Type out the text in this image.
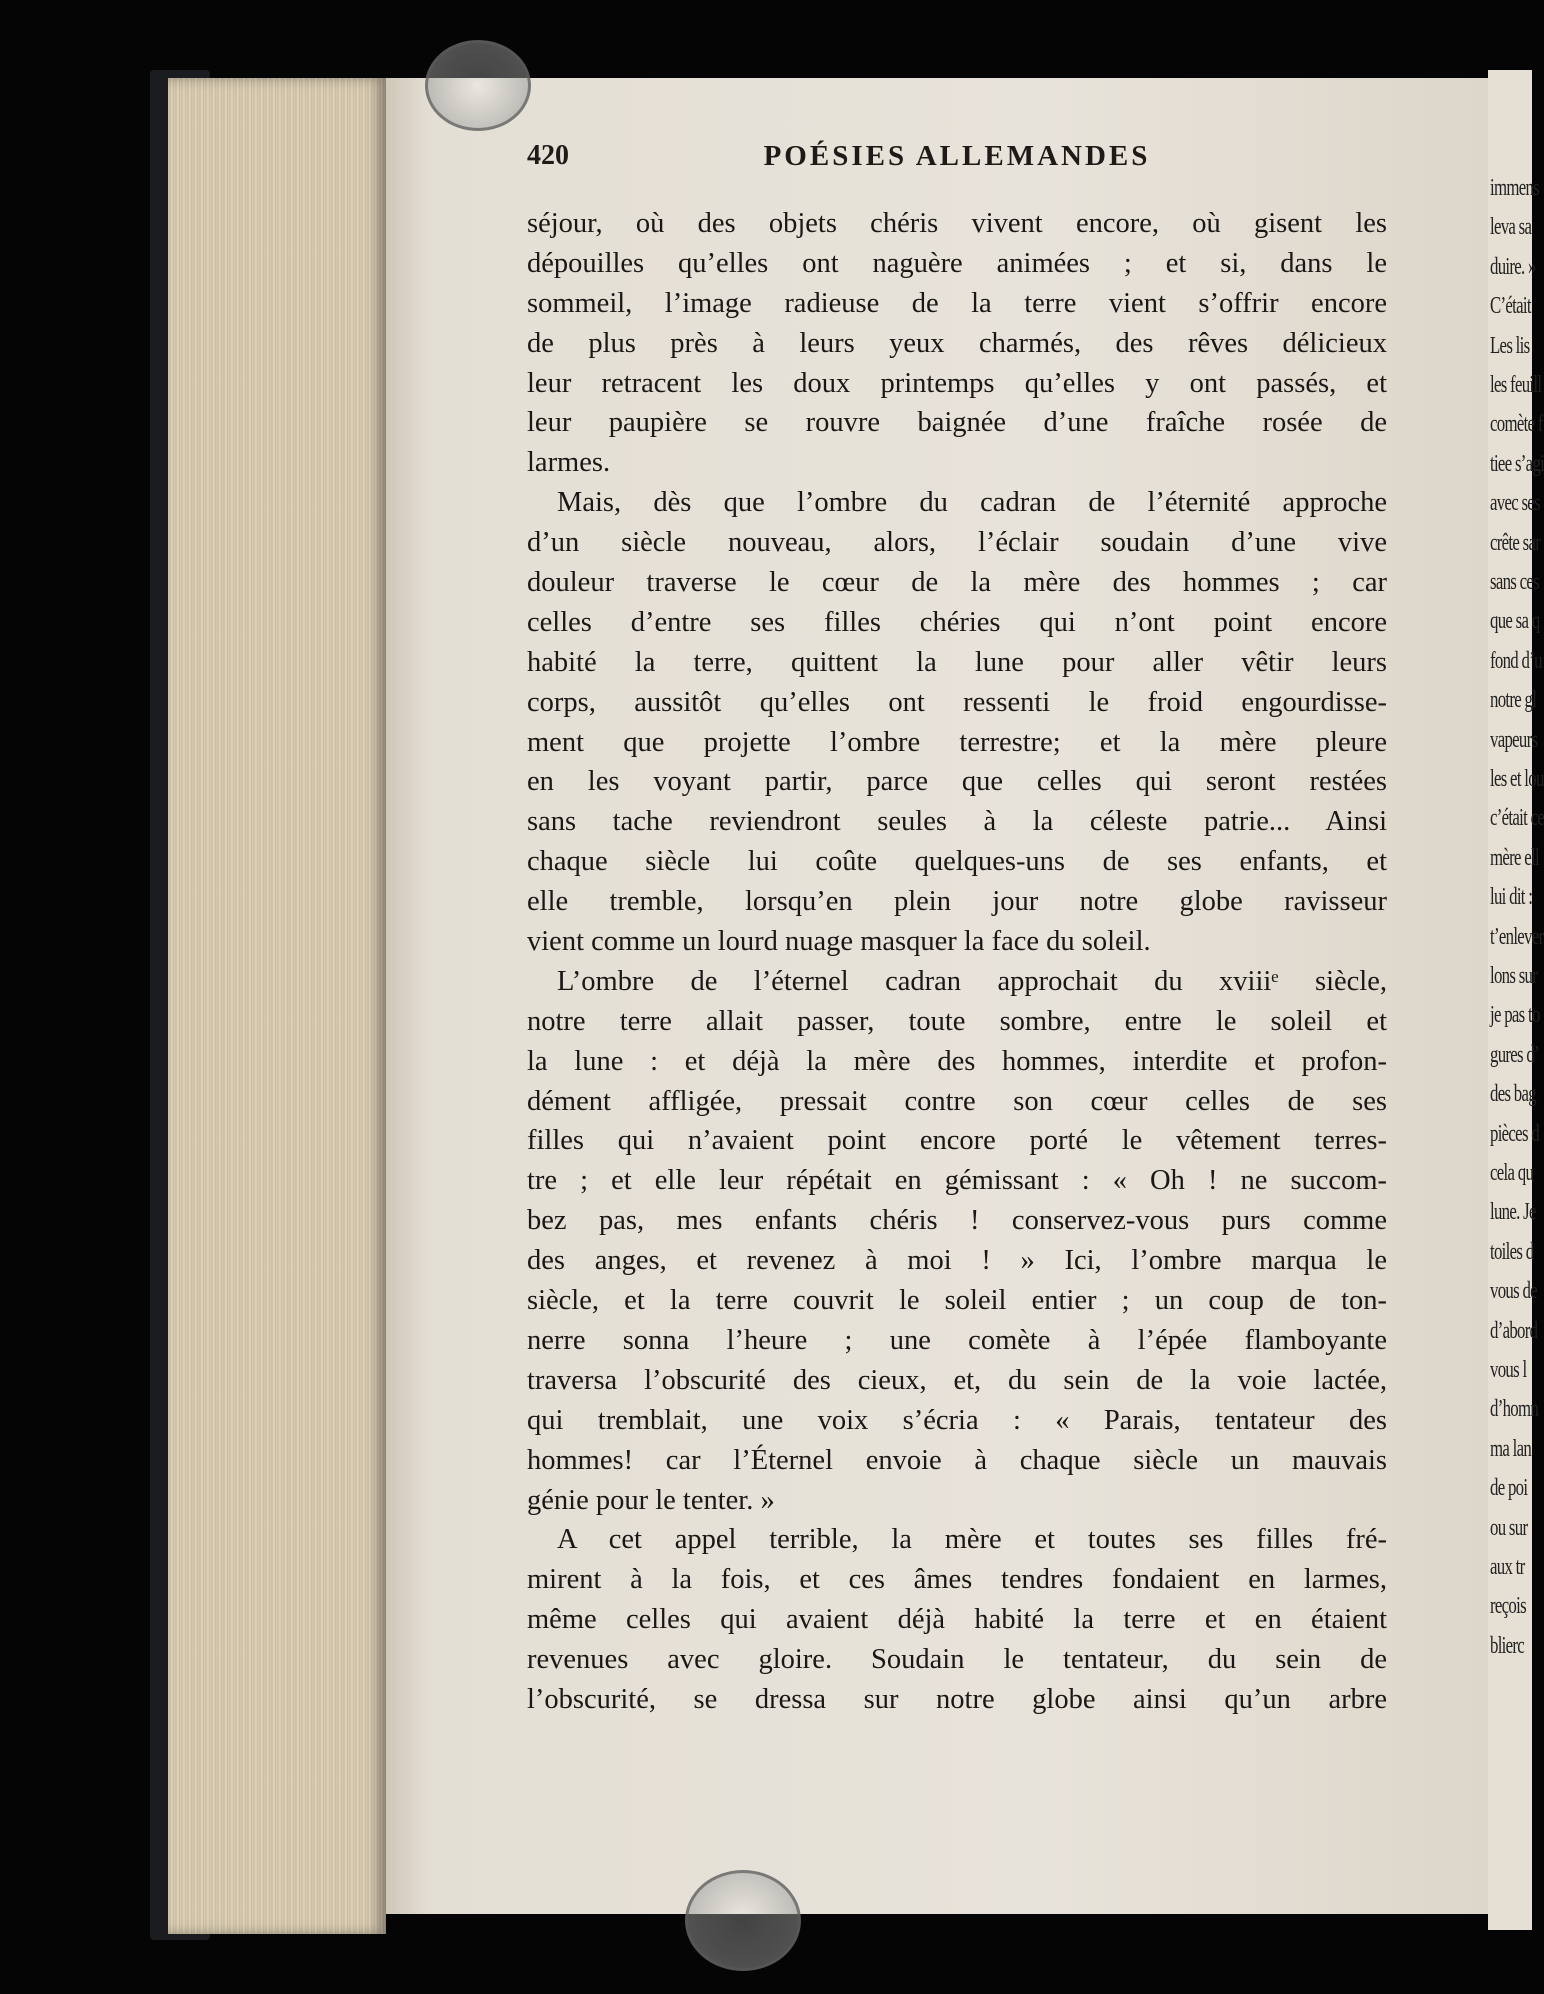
immens
leva sa
duire. »
C’était
Les lis
les feuill
comète f
tiee s’agi
avec ses
crête sar
sans ces
que sa q
fond d’u
notre gl
vapeurs
les et lou
c’était ce
mère ell
lui dit :
t’enlever
lons sur
je pas to
gures d’
des bag
pièces d
cela qu
lune. Je
toiles d
vous de
d’abord
vous l
d’homn
ma lan
de poi
ou sur
aux tr
reçois
blierc
420	POÉSIES ALLEMANDES
séjour, où des objets chéris vivent encore, où gisent les
dépouilles qu’elles ont naguère animées ; et si, dans le
sommeil, l’image radieuse de la terre vient s’offrir encore
de plus près à leurs yeux charmés, des rêves délicieux
leur retracent les doux printemps qu’elles y ont passés, et
leur paupière se rouvre baignée d’une fraîche rosée de
larmes.
Mais, dès que l’ombre du cadran de l’éternité approche
d’un siècle nouveau, alors, l’éclair soudain d’une vive
douleur traverse le cœur de la mère des hommes ; car
celles d’entre ses filles chéries qui n’ont point encore
habité la terre, quittent la lune pour aller vêtir leurs
corps, aussitôt qu’elles ont ressenti le froid engourdisse-
ment que projette l’ombre terrestre; et la mère pleure
en les voyant partir, parce que celles qui seront restées
sans tache reviendront seules à la céleste patrie... Ainsi
chaque siècle lui coûte quelques-uns de ses enfants, et
elle tremble, lorsqu’en plein jour notre globe ravisseur
vient comme un lourd nuage masquer la face du soleil.
L’ombre de l’éternel cadran approchait du xviiiᵉ siècle,
notre terre allait passer, toute sombre, entre le soleil et
la lune : et déjà la mère des hommes, interdite et profon-
dément affligée, pressait contre son cœur celles de ses
filles qui n’avaient point encore porté le vêtement terres-
tre ; et elle leur répétait en gémissant : « Oh ! ne succom-
bez pas, mes enfants chéris ! conservez-vous purs comme
des anges, et revenez à moi ! » Ici, l’ombre marqua le
siècle, et la terre couvrit le soleil entier ; un coup de ton-
nerre sonna l’heure ; une comète à l’épée flamboyante
traversa l’obscurité des cieux, et, du sein de la voie lactée,
qui tremblait, une voix s’écria : « Parais, tentateur des
hommes! car l’Éternel envoie à chaque siècle un mauvais
génie pour le tenter. »
A cet appel terrible, la mère et toutes ses filles fré-
mirent à la fois, et ces âmes tendres fondaient en larmes,
même celles qui avaient déjà habité la terre et en étaient
revenues avec gloire. Soudain le tentateur, du sein de
l’obscurité, se dressa sur notre globe ainsi qu’un arbre
